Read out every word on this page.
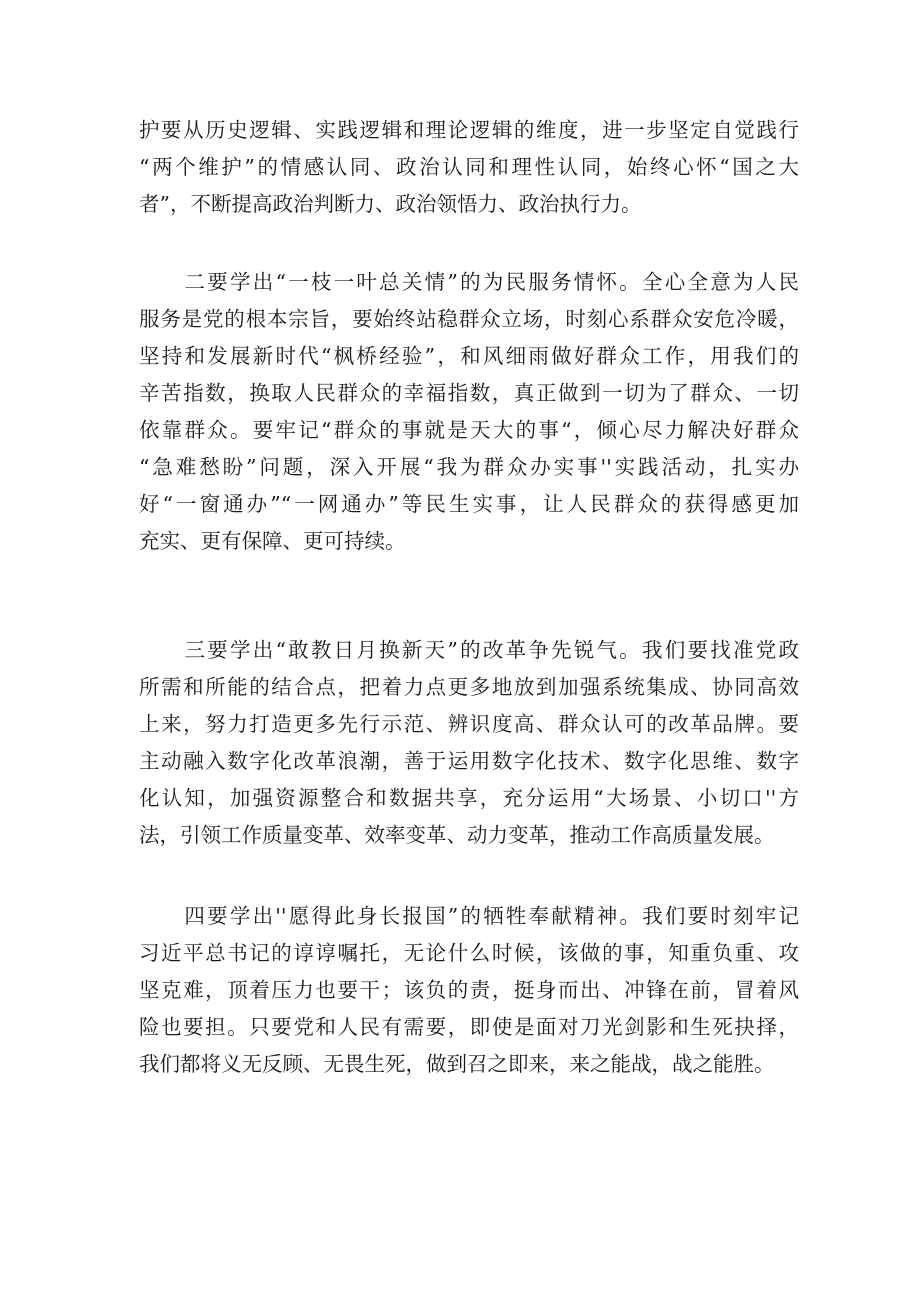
护要从历史逻辑、实践逻辑和理论逻辑的维度，进一步坚定自觉践行
“两个维护”的情感认同、政治认同和理性认同，始终心怀“国之大
者”，不断提高政治判断力、政治领悟力、政治执行力。
　　二要学出“一枝一叶总关情”的为民服务情怀。全心全意为人民
服务是党的根本宗旨，要始终站稳群众立场，时刻心系群众安危冷暖，
坚持和发展新时代“枫桥经验”，和风细雨做好群众工作，用我们的
辛苦指数，换取人民群众的幸福指数，真正做到一切为了群众、一切
依靠群众。要牢记“群众的事就是天大的事“，倾心尽力解决好群众
“急难愁盼”问题，深入开展“我为群众办实事''实践活动，扎实办
好“一窗通办”“一网通办”等民生实事，让人民群众的获得感更加
充实、更有保障、更可持续。
　　三要学出“敢教日月换新天”的改革争先锐气。我们要找准党政
所需和所能的结合点，把着力点更多地放到加强系统集成、协同高效
上来，努力打造更多先行示范、辨识度高、群众认可的改革品牌。要
主动融入数字化改革浪潮，善于运用数字化技术、数字化思维、数字
化认知，加强资源整合和数据共享，充分运用“大场景、小切口''方
法，引领工作质量变革、效率变革、动力变革，推动工作高质量发展。
　　四要学出''愿得此身长报国”的牺牲奉献精神。我们要时刻牢记
习近平总书记的谆谆嘱托，无论什么时候，该做的事，知重负重、攻
坚克难，顶着压力也要干；该负的责，挺身而出、冲锋在前，冒着风
险也要担。只要党和人民有需要，即使是面对刀光剑影和生死抉择，
我们都将义无反顾、无畏生死，做到召之即来，来之能战，战之能胜。
